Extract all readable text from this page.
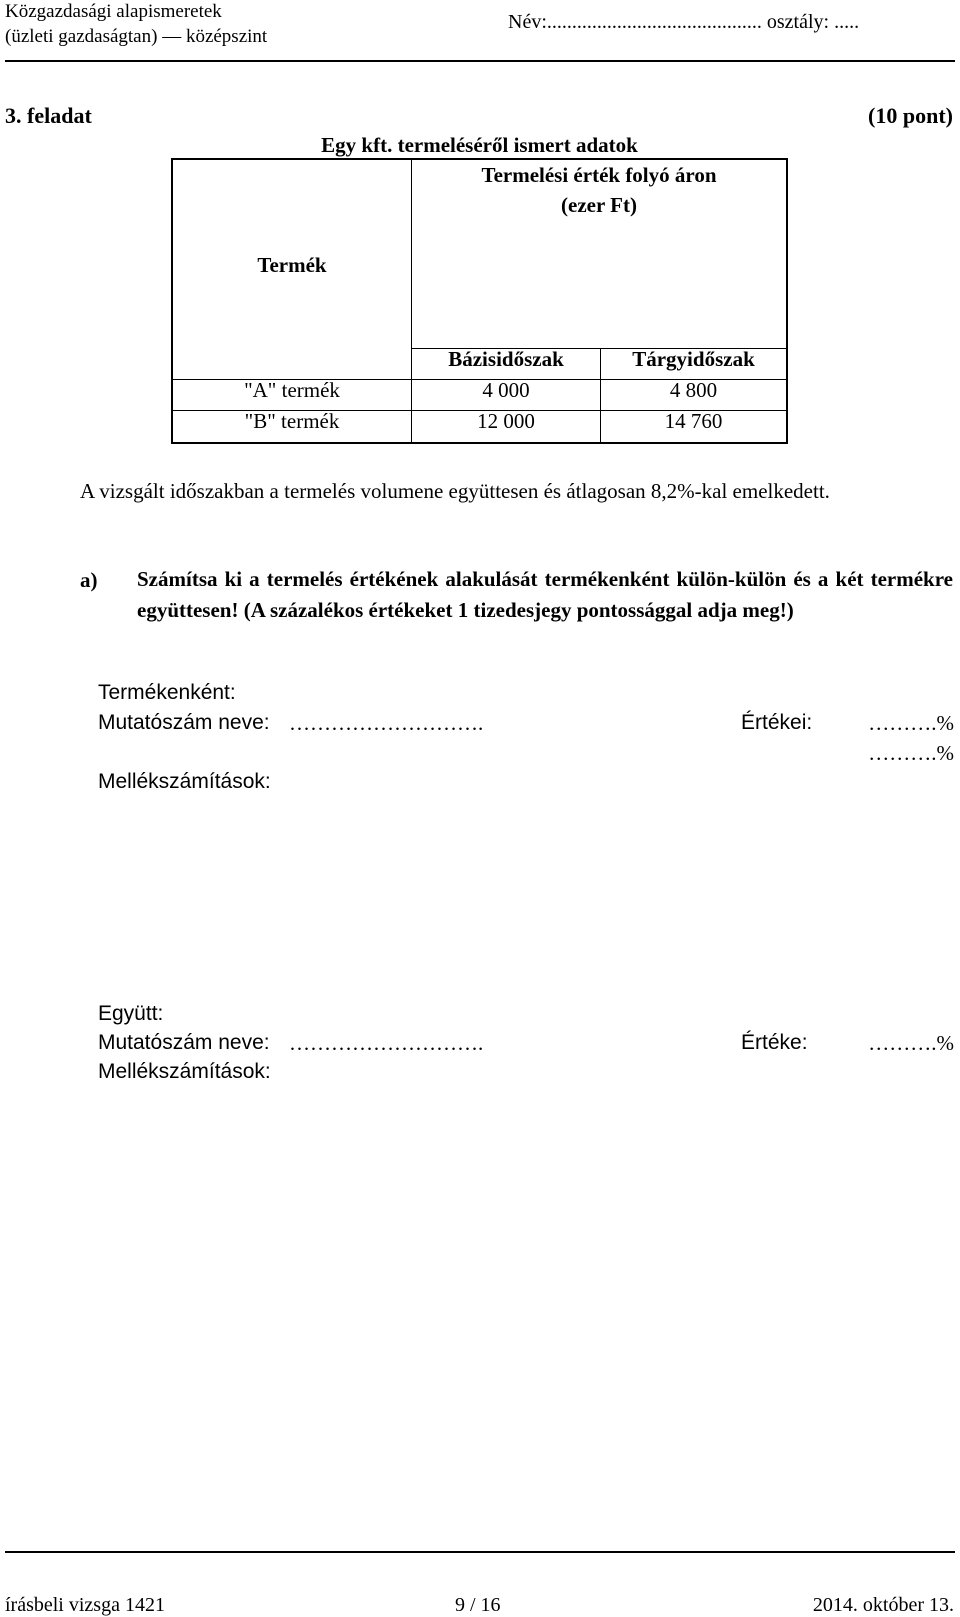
Közgazdasági alapismeretek
(üzleti gazdaságtan) — középszint
Név:........................................... osztály: .....
3. feladat	(10 pont)
Egy kft. termeléséről ismert adatok
Termék
Termelési érték folyó áron
(ezer Ft)
Bázisidőszak	Tárgyidőszak
"A" termék	4 000	4 800
"B" termék	12 000	14 760
A vizsgált időszakban a termelés volumene együttesen és átlagosan 8,2%-kal emelkedett.
a) Számítsa ki a termelés értékének alakulását termékenként külön-külön és a két termékre együttesen! (A százalékos értékeket 1 tizedesjegy pontossággal adja meg!)
Termékenként:
Mutatószám neve: ……………………….	Értékei:	……….%
……….%
Mellékszámítások:
Együtt:
Mutatószám neve: ……………………….	Értéke:	……….%
Mellékszámítások:
írásbeli vizsga 1421	9 / 16	2014. október 13.
